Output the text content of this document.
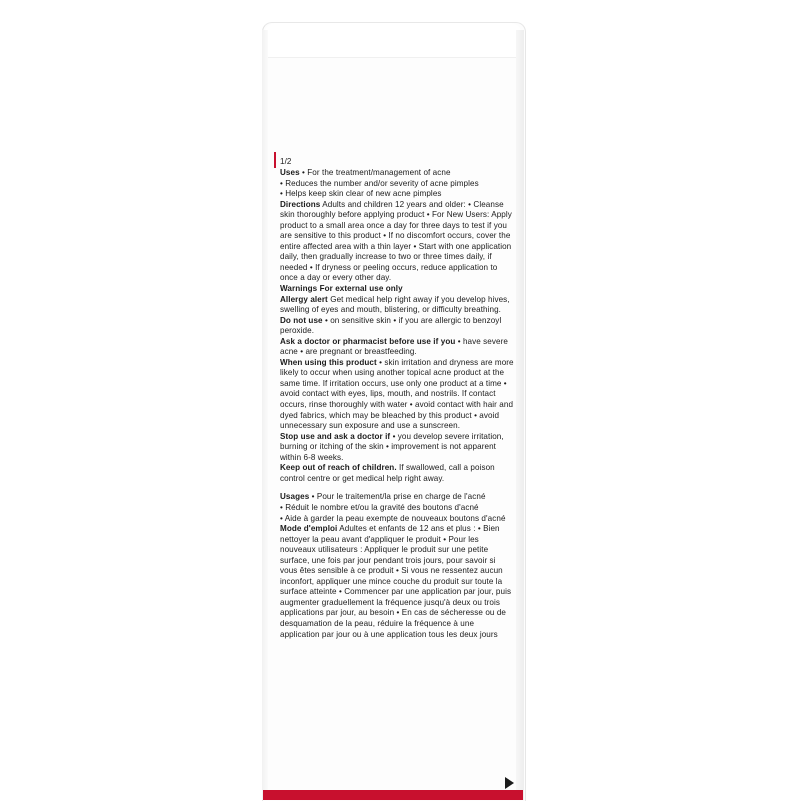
1/2
Uses • For the treatment/management of acne
• Reduces the number and/or severity of acne pimples
• Helps keep skin clear of new acne pimples
Directions Adults and children 12 years and older: • Cleanse skin thoroughly before applying product • For New Users: Apply product to a small area once a day for three days to test if you are sensitive to this product • If no discomfort occurs, cover the entire affected area with a thin layer • Start with one application daily, then gradually increase to two or three times daily, if needed • If dryness or peeling occurs, reduce application to once a day or every other day.
Warnings For external use only
Allergy alert Get medical help right away if you develop hives, swelling of eyes and mouth, blistering, or difficulty breathing.
Do not use • on sensitive skin • if you are allergic to benzoyl peroxide.
Ask a doctor or pharmacist before use if you • have severe acne • are pregnant or breastfeeding.
When using this product • skin irritation and dryness are more likely to occur when using another topical acne product at the same time. If irritation occurs, use only one product at a time • avoid contact with eyes, lips, mouth, and nostrils. If contact occurs, rinse thoroughly with water • avoid contact with hair and dyed fabrics, which may be bleached by this product • avoid unnecessary sun exposure and use a sunscreen.
Stop use and ask a doctor if • you develop severe irritation, burning or itching of the skin • improvement is not apparent within 6-8 weeks.
Keep out of reach of children. If swallowed, call a poison control centre or get medical help right away.
Usages • Pour le traitement/la prise en charge de l'acné
• Réduit le nombre et/ou la gravité des boutons d'acné
• Aide à garder la peau exempte de nouveaux boutons d'acné
Mode d'emploi Adultes et enfants de 12 ans et plus : • Bien nettoyer la peau avant d'appliquer le produit • Pour les nouveaux utilisateurs : Appliquer le produit sur une petite surface, une fois par jour pendant trois jours, pour savoir si vous êtes sensible à ce produit • Si vous ne ressentez aucun inconfort, appliquer une mince couche du produit sur toute la surface atteinte • Commencer par une application par jour, puis augmenter graduellement la fréquence jusqu'à deux ou trois applications par jour, au besoin • En cas de sécheresse ou de desquamation de la peau, réduire la fréquence à une application par jour ou à une application tous les deux jours
